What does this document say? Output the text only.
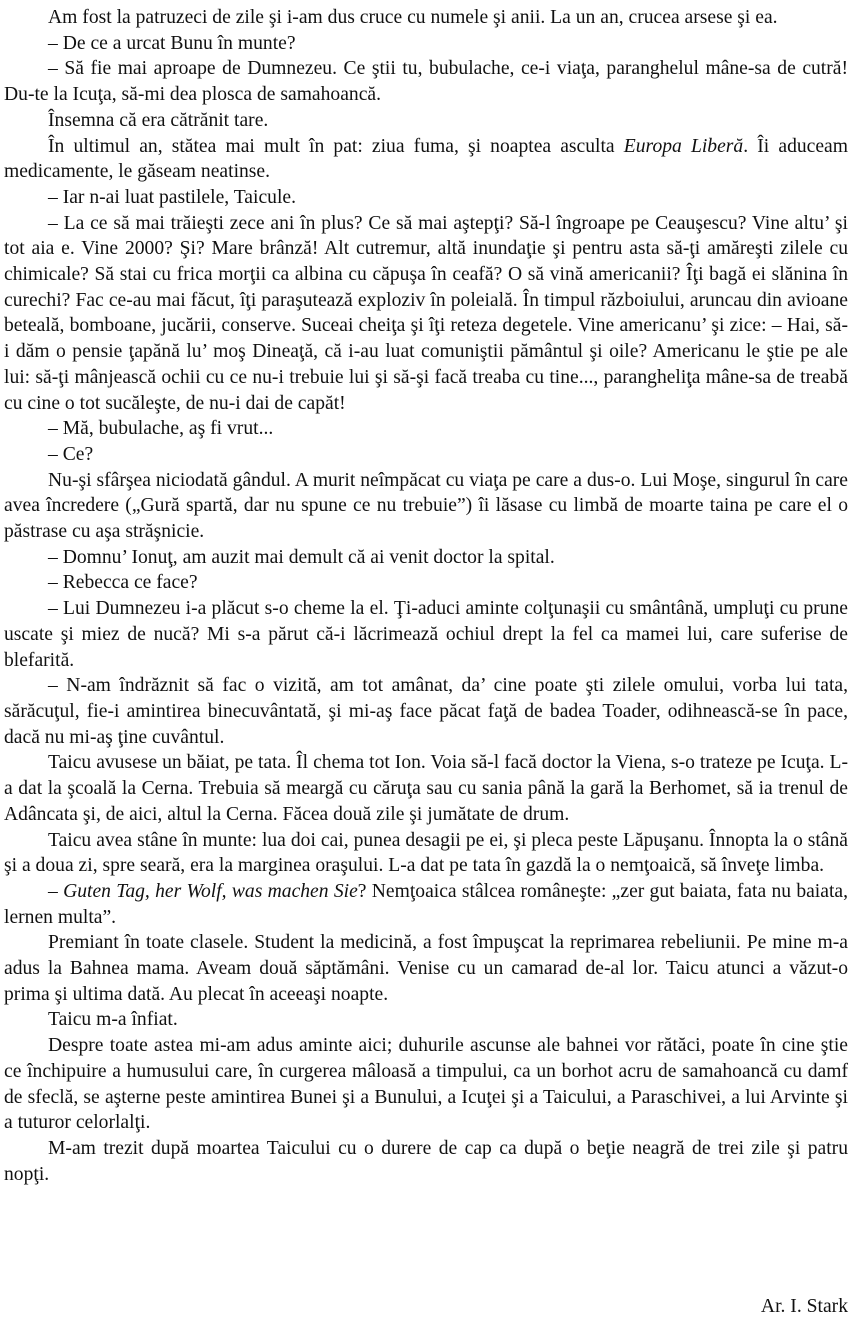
Am fost la patruzeci de zile şi i-am dus cruce cu numele şi anii. La un an, crucea arsese şi ea.

– De ce a urcat Bunu în munte?

– Să fie mai aproape de Dumnezeu. Ce ştii tu, bubulache, ce-i viaţa, paranghelul mâne-sa de cutră! Du-te la Icuţa, să-mi dea plosca de samahoancă.

Însemna că era cătrănit tare.

În ultimul an, stătea mai mult în pat: ziua fuma, şi noaptea asculta Europa Liberă. Îi aduceam medicamente, le găseam neatinse.

– Iar n-ai luat pastilele, Taicule.

– La ce să mai trăieşti zece ani în plus? Ce să mai aştepţi? Să-l îngroape pe Ceauşescu? Vine altu’ şi tot aia e. Vine 2000? Şi? Mare brânză! Alt cutremur, altă inundaţie şi pentru asta să-ţi amăreşti zilele cu chimicale? Să stai cu frica morţii ca albina cu căpuşa în ceafă? O să vină americanii? Îţi bagă ei slănina în curechi? Fac ce-au mai făcut, îţi paraşutează exploziv în poleială. În timpul războiului, aruncau din avioane beteală, bomboane, jucării, conserve. Suceai cheiţa şi îţi reteza degetele. Vine americanu’ şi zice: – Hai, să-i dăm o pensie ţapănă lu’ moş Dineaţă, că i-au luat comuniştii pământul şi oile? Americanu le ştie pe ale lui: să-ţi mânjească ochii cu ce nu-i trebuie lui şi să-şi facă treaba cu tine..., parangheliţa mâne-sa de treabă cu cine o tot sucăleşte, de nu-i dai de capăt!

– Mă, bubulache, aş fi vrut...

– Ce?

Nu-şi sfârşea niciodată gândul. A murit neîmpăcat cu viaţa pe care a dus-o. Lui Moşe, singurul în care avea încredere („Gură spartă, dar nu spune ce nu trebuie”) îi lăsase cu limbă de moarte taina pe care el o păstrase cu aşa străşnicie.

– Domnu’ Ionuţ, am auzit mai demult că ai venit doctor la spital.

– Rebecca ce face?

– Lui Dumnezeu i-a plăcut s-o cheme la el. Ţi-aduci aminte colţunaşii cu smântână, umpluţi cu prune uscate şi miez de nucă? Mi s-a părut că-i lăcrimează ochiul drept la fel ca mamei lui, care suferise de blefarită.

– N-am îndrăznit să fac o vizită, am tot amânat, da’ cine poate şti zilele omului, vorba lui tata, sărăcuţul, fie-i amintirea binecuvântată, şi mi-aş face păcat faţă de badea Toader, odihnească-se în pace, dacă nu mi-aş ţine cuvântul.

Taicu avusese un băiat, pe tata. Îl chema tot Ion. Voia să-l facă doctor la Viena, s-o trateze pe Icuţa. L-a dat la şcoală la Cerna. Trebuia să meargă cu căruţa sau cu sania până la gară la Berhomet, să ia trenul de Adâncata şi, de aici, altul la Cerna. Făcea două zile şi jumătate de drum.

Taicu avea stâne în munte: lua doi cai, punea desagii pe ei, şi pleca peste Lăpuşanu. Înnopta la o stână şi a doua zi, spre seară, era la marginea oraşului. L-a dat pe tata în gazdă la o nemţoaică, să înveţe limba.

– Guten Tag, her Wolf, was machen Sie? Nemţoaica stâlcea româneşte: „zer gut baiata, fata nu baiata, lernen multa”.

Premiant în toate clasele. Student la medicină, a fost împuşcat la reprimarea rebeliunii. Pe mine m-a adus la Bahnea mama. Aveam două săptămâni. Venise cu un camarad de-al lor. Taicu atunci a văzut-o prima şi ultima dată. Au plecat în aceeaşi noapte.

Taicu m-a înfiat.

Despre toate astea mi-am adus aminte aici; duhurile ascunse ale bahnei vor rătăci, poate în cine ştie ce închipuire a humusului care, în curgerea mâloasă a timpului, ca un borhot acru de samahoancă cu damf de sfeclă, se aşterne peste amintirea Bunei şi a Bunului, a Icuţei şi a Taicului, a Paraschivei, a lui Arvinte şi a tuturor celorlalţi.

M-am trezit după moartea Taicului cu o durere de cap ca după o beţie neagră de trei zile şi patru nopţi.

Ar. I. Stark
